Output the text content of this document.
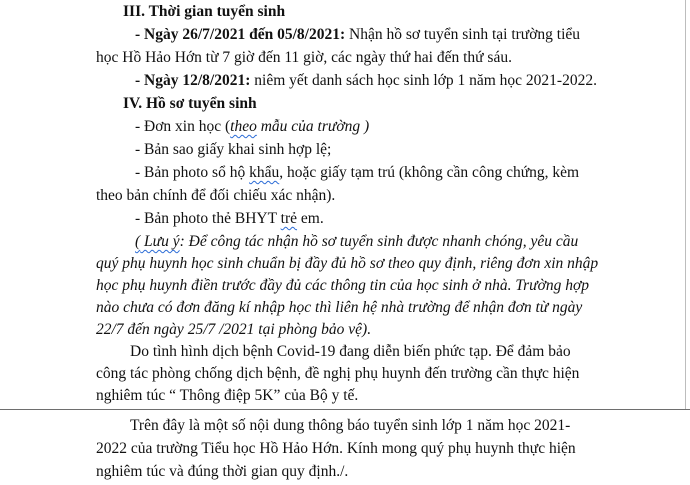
III. Thời gian tuyển sinh
- Ngày 26/7/2021 đến 05/8/2021: Nhận hồ sơ tuyển sinh tại trường tiểu
học Hồ Hảo Hớn từ 7 giờ đến 11 giờ, các ngày thứ hai đến thứ sáu.
- Ngày 12/8/2021: niêm yết danh sách học sinh lớp 1 năm học 2021-2022.
IV. Hồ sơ tuyển sinh
- Đơn xin học (theo mẫu của trường )
- Bản sao giấy khai sinh hợp lệ;
- Bản photo sổ hộ khẩu, hoặc giấy tạm trú (không cần công chứng, kèm
theo bản chính để đối chiếu xác nhận).
- Bản photo thẻ BHYT trẻ em.
( Lưu ý: Để công tác nhận hồ sơ tuyển sinh được nhanh chóng, yêu cầu
quý phụ huynh học sinh chuẩn bị đầy đủ hồ sơ theo quy định, riêng đơn xin nhập
học phụ huynh điền trước đầy đủ các thông tin của học sinh ở nhà. Trường hợp
nào chưa có đơn đăng kí nhập học thì liên hệ nhà trường để nhận đơn từ ngày
22/7 đến ngày 25/7 /2021 tại phòng bảo vệ).
Do tình hình dịch bệnh Covid-19 đang diễn biến phức tạp. Để đảm bảo
công tác phòng chống dịch bệnh, đề nghị phụ huynh đến trường cần thực hiện
nghiêm túc “ Thông điệp 5K” của Bộ y tế.
Trên đây là một số nội dung thông báo tuyển sinh lớp 1 năm học 2021-
2022 của trường Tiểu học Hồ Hảo Hớn. Kính mong quý phụ huynh thực hiện
nghiêm túc và đúng thời gian quy định./.
